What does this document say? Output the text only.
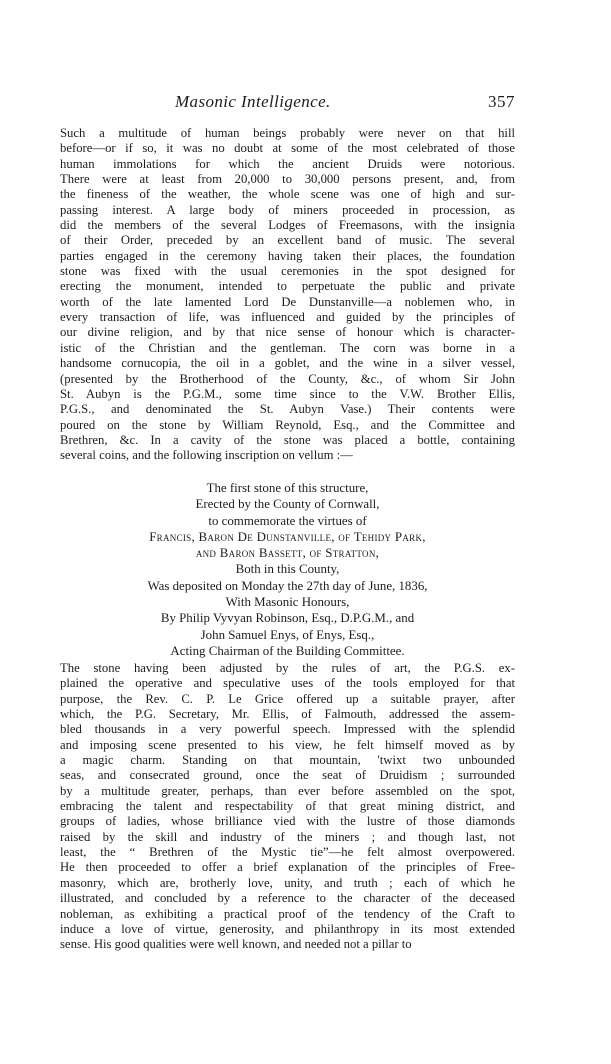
Masonic Intelligence.	357
Such a multitude of human beings probably were never on that hill
before—or if so, it was no doubt at some of the most celebrated of those
human immolations for which the ancient Druids were notorious.
There were at least from 20,000 to 30,000 persons present, and, from
the fineness of the weather, the whole scene was one of high and sur-
passing interest. A large body of miners proceeded in procession, as
did the members of the several Lodges of Freemasons, with the insignia
of their Order, preceded by an excellent band of music. The several
parties engaged in the ceremony having taken their places, the foundation
stone was fixed with the usual ceremonies in the spot designed for
erecting the monument, intended to perpetuate the public and private
worth of the late lamented Lord De Dunstanville—a noblemen who, in
every transaction of life, was influenced and guided by the principles of
our divine religion, and by that nice sense of honour which is character-
istic of the Christian and the gentleman. The corn was borne in a
handsome cornucopia, the oil in a goblet, and the wine in a silver vessel,
(presented by the Brotherhood of the County, &c., of whom Sir John
St. Aubyn is the P.G.M., some time since to the V.W. Brother Ellis,
P.G.S., and denominated the St. Aubyn Vase.) Their contents were
poured on the stone by William Reynold, Esq., and the Committee and
Brethren, &c. In a cavity of the stone was placed a bottle, containing
several coins, and the following inscription on vellum :—
The first stone of this structure,
Erected by the County of Cornwall,
to commemorate the virtues of
Francis, Baron De Dunstanville, of Tehidy Park,
and Baron Bassett, of Stratton,
Both in this County,
Was deposited on Monday the 27th day of June, 1836,
With Masonic Honours,
By Philip Vyvyan Robinson, Esq., D.P.G.M., and
John Samuel Enys, of Enys, Esq.,
Acting Chairman of the Building Committee.
The stone having been adjusted by the rules of art, the P.G.S. ex-
plained the operative and speculative uses of the tools employed for that
purpose, the Rev. C. P. Le Grice offered up a suitable prayer, after
which, the P.G. Secretary, Mr. Ellis, of Falmouth, addressed the assem-
bled thousands in a very powerful speech. Impressed with the splendid
and imposing scene presented to his view, he felt himself moved as by
a magic charm. Standing on that mountain, 'twixt two unbounded
seas, and consecrated ground, once the seat of Druidism ; surrounded
by a multitude greater, perhaps, than ever before assembled on the spot,
embracing the talent and respectability of that great mining district, and
groups of ladies, whose brilliance vied with the lustre of those diamonds
raised by the skill and industry of the miners ; and though last, not
least, the “ Brethren of the Mystic tie”—he felt almost overpowered.
He then proceeded to offer a brief explanation of the principles of Free-
masonry, which are, brotherly love, unity, and truth ; each of which he
illustrated, and concluded by a reference to the character of the deceased
nobleman, as exhibiting a practical proof of the tendency of the Craft to
induce a love of virtue, generosity, and philanthropy in its most extended
sense. His good qualities were well known, and needed not a pillar to
